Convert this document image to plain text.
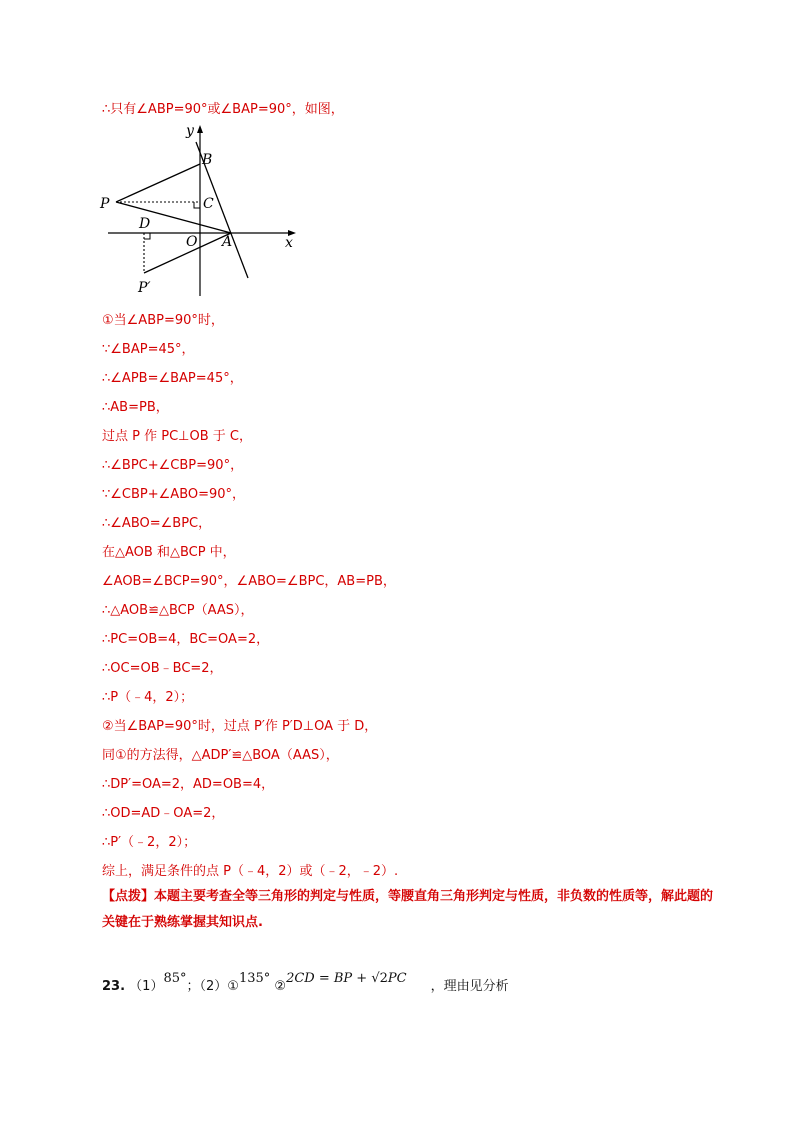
∴只有∠ABP=90°或∠BAP=90°，如图，
y
x
B
P	C
D
O A
P′
①当∠ABP=90°时，
∵∠BAP=45°，
∴∠APB=∠BAP=45°，
∴AB=PB，
过点 P 作 PC⊥OB 于 C，
∴∠BPC+∠CBP=90°，
∵∠CBP+∠ABO=90°，
∴∠ABO=∠BPC，
在△AOB 和△BCP 中，
∠AOB=∠BCP=90°，∠ABO=∠BPC，AB=PB，
∴△AOB≌△BCP（AAS），
∴PC=OB=4，BC=OA=2，
∴OC=OB﹣BC=2，
∴P（﹣4，2）；
②当∠BAP=90°时，过点 P′作 P′D⊥OA 于 D，
同①的方法得，△ADP′≌△BOA（AAS），
∴DP′=OA=2，AD=OB=4，
∴OD=AD﹣OA=2，
∴P′（﹣2，2）；
综上，满足条件的点 P（﹣4，2）或（﹣2，﹣2）.
【点拨】本题主要考查全等三角形的判定与性质，等腰直角三角形判定与性质，非负数的性质等，解此题的关键在于熟练掌握其知识点.
23. （1）85°；（2）①135° ②2CD = BP + √2PC，理由见分析
